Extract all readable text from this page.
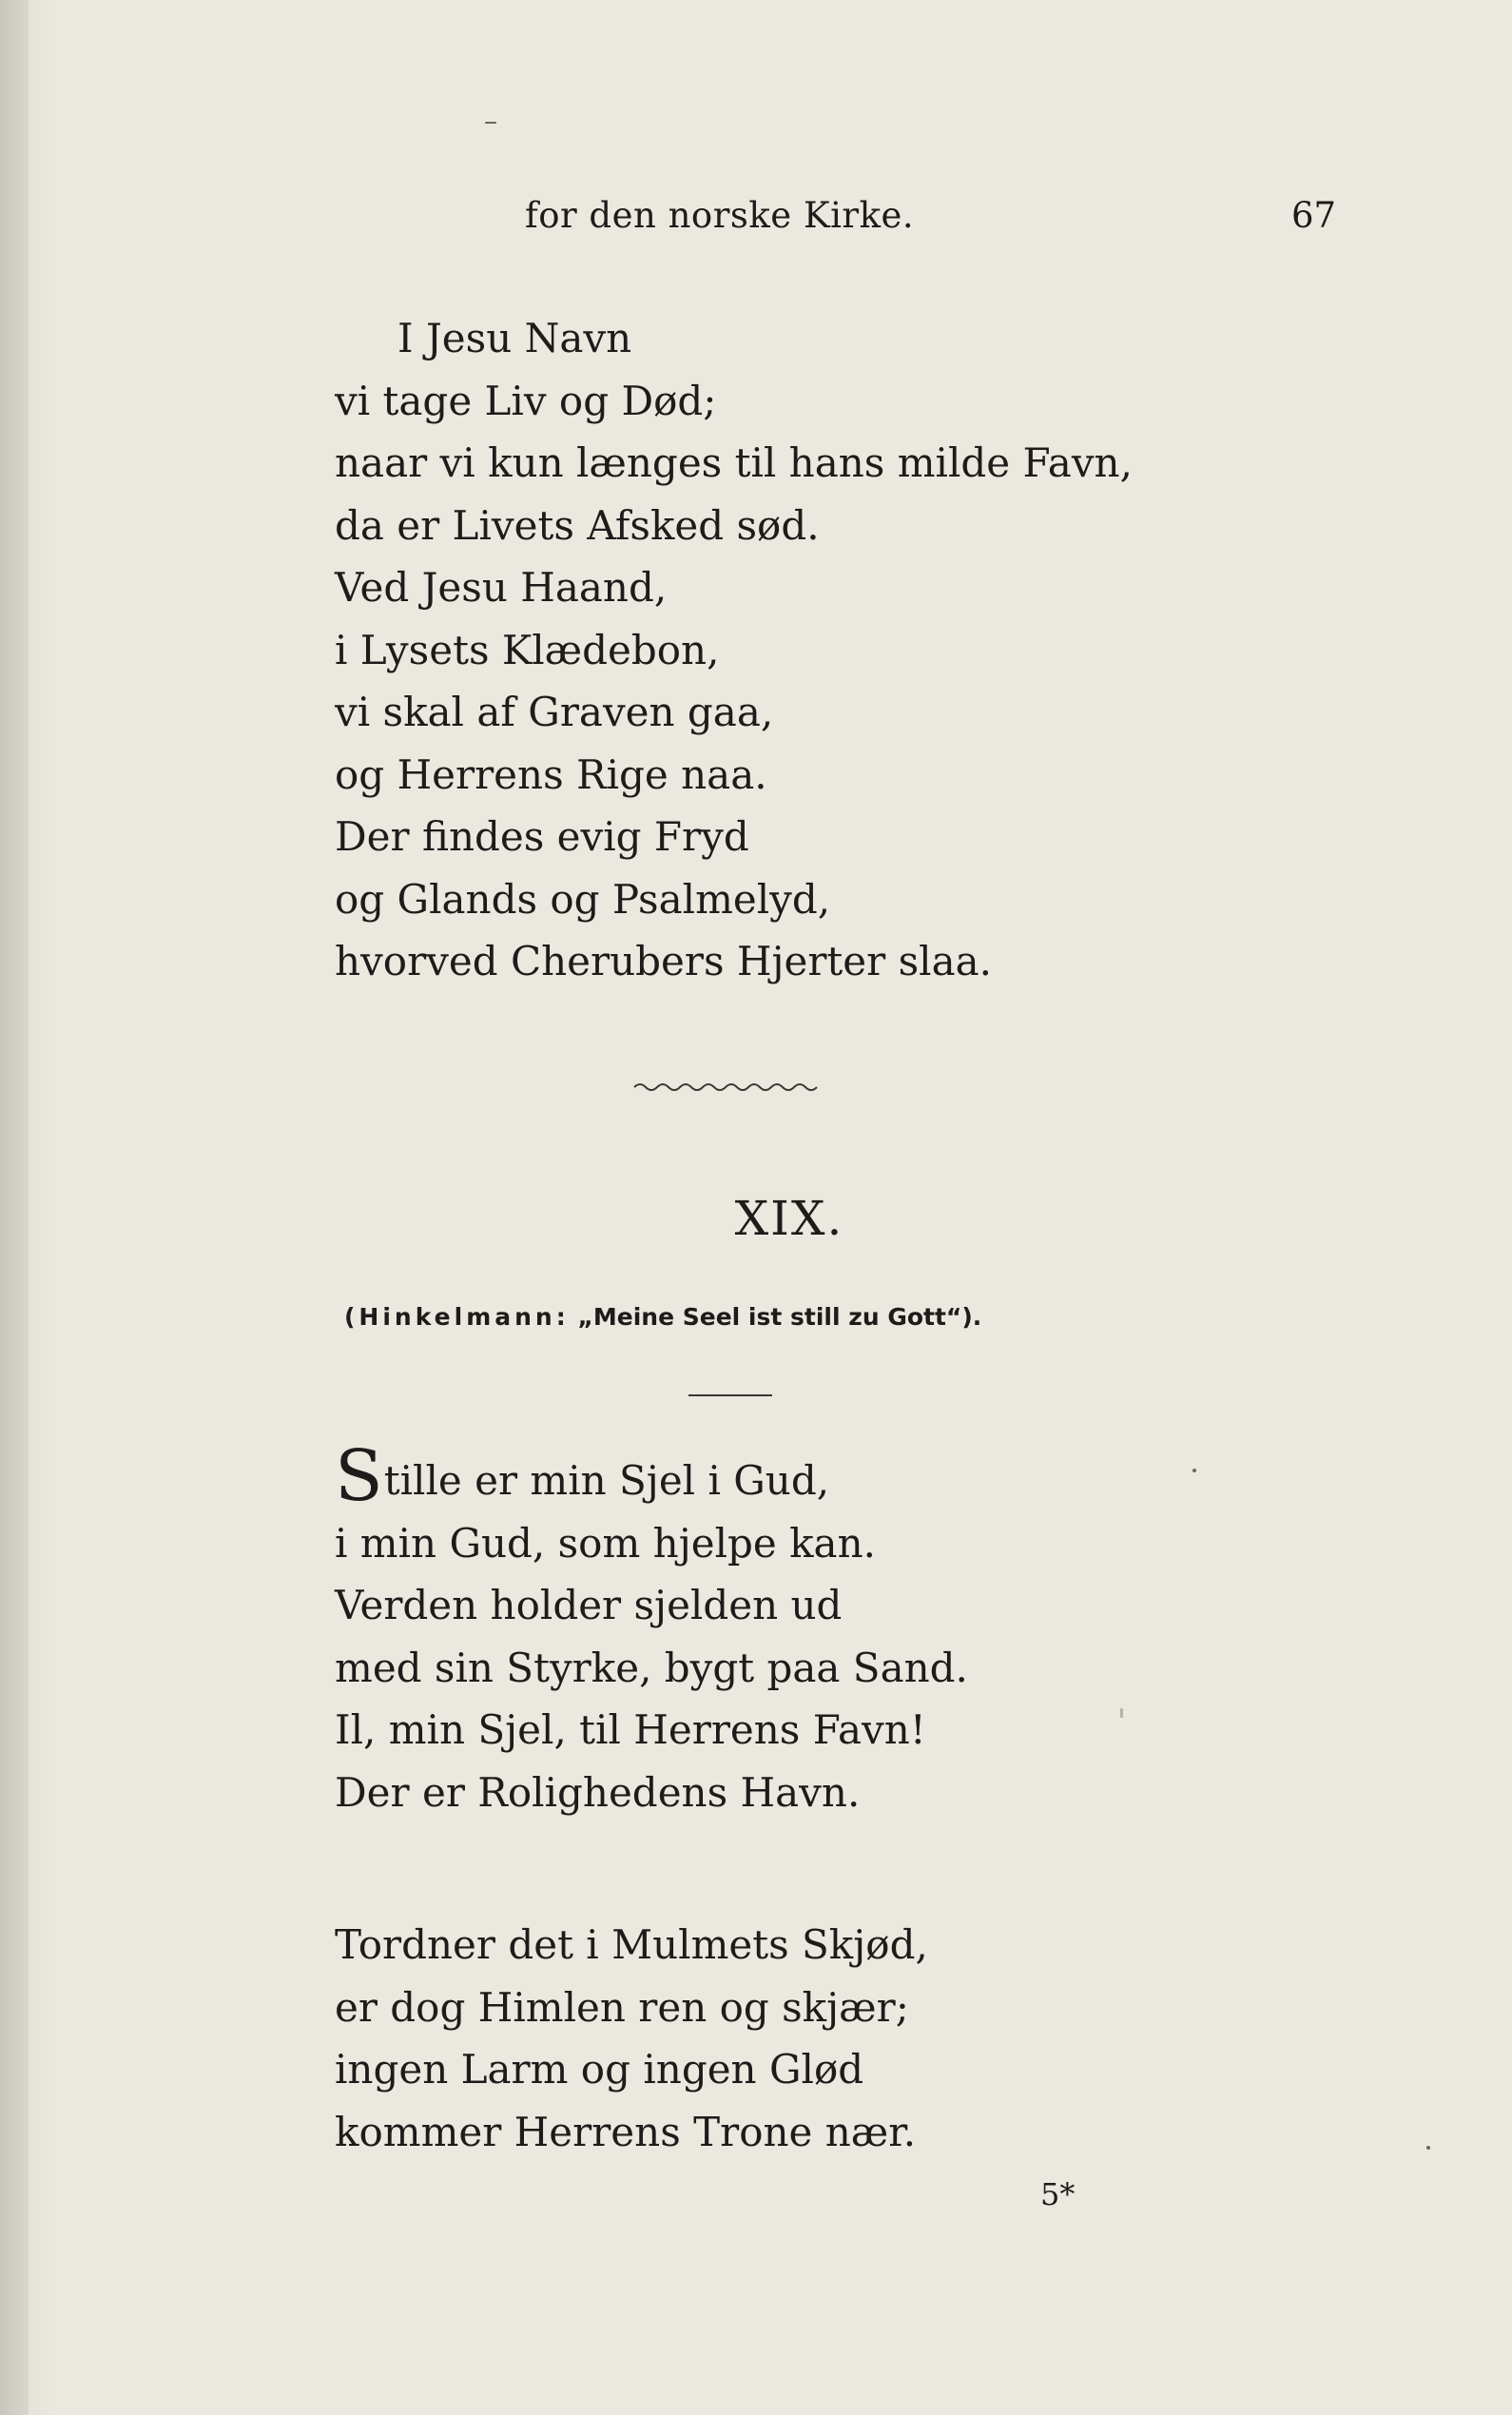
for den norske Kirke.	67
I Jesu Navn
vi tage Liv og Død;
naar vi kun længes til hans milde Favn,
da er Livets Afsked sød.
Ved Jesu Haand,
i Lysets Klædebon,
vi skal af Graven gaa,
og Herrens Rige naa.
Der findes evig Fryd
og Glands og Psalmelyd,
hvorved Cherubers Hjerter slaa.
XIX.
(Hinkelmann: „Meine Seel ist still zu Gott“).
Stille er min Sjel i Gud,
i min Gud, som hjelpe kan.
Verden holder sjelden ud
med sin Styrke, bygt paa Sand.
Il, min Sjel, til Herrens Favn!
Der er Rolighedens Havn.
Tordner det i Mulmets Skjød,
er dog Himlen ren og skjær;
ingen Larm og ingen Glød
kommer Herrens Trone nær.
5*
